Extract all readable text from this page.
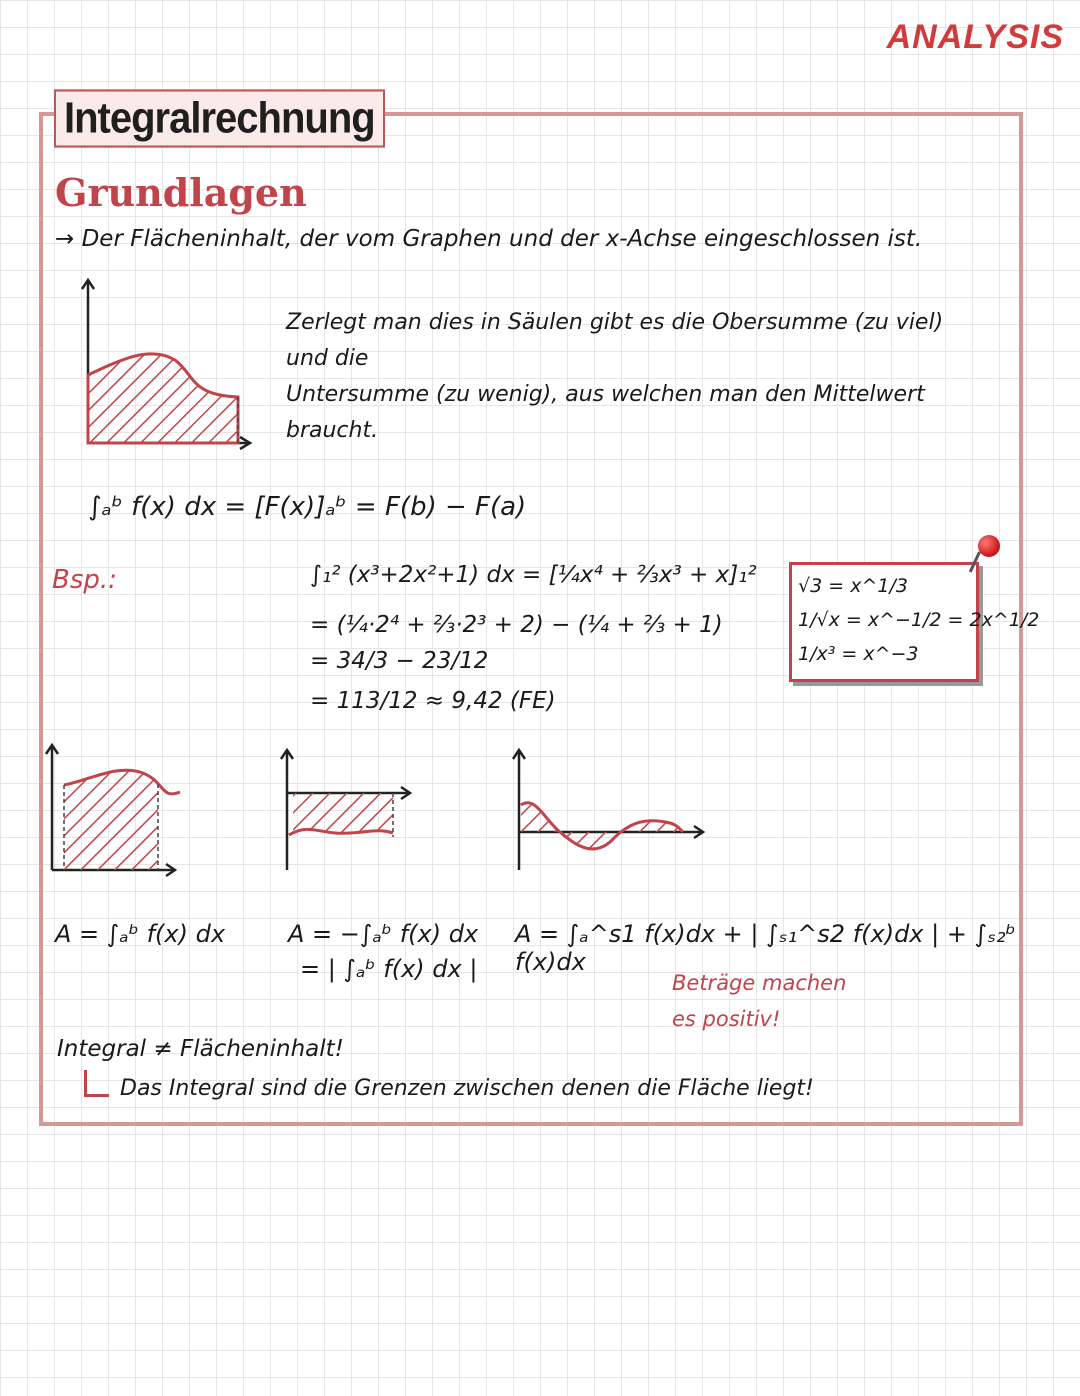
ANALYSIS
Integralrechnung
Grundlagen
→ Der Flächeninhalt, der vom Graphen und der x-Achse eingeschlossen ist.
Zerlegt man dies in Säulen gibt es die Obersumme (zu viel) und die
Untersumme (zu wenig), aus welchen man den Mittelwert braucht.
∫ₐᵇ f(x) dx = [F(x)]ₐᵇ = F(b) − F(a)
Bsp.:	∫₁² (x³+2x²+1) dx = [¼x⁴ + ⅔x³ + x]₁²
= (¼·2⁴ + ⅔·2³ + 2) − (¼ + ⅔ + 1)
= 34/3 − 23/12
= 113/12 ≈ 9,42 (FE)
√3 = x^1/3
1/√x = x^−1/2 = 2x^1/2
1/x³ = x^−3
A = ∫ₐᵇ f(x) dx	A = −∫ₐᵇ f(x) dx
= | ∫ₐᵇ f(x) dx |
A = ∫ₐ^s1 f(x)dx + | ∫ₛ₁^s2 f(x)dx | + ∫ₛ₂ᵇ f(x)dx
Beträge machen
es positiv!
Integral ≠ Flächeninhalt!
Das Integral sind die Grenzen zwischen denen die Fläche liegt!
